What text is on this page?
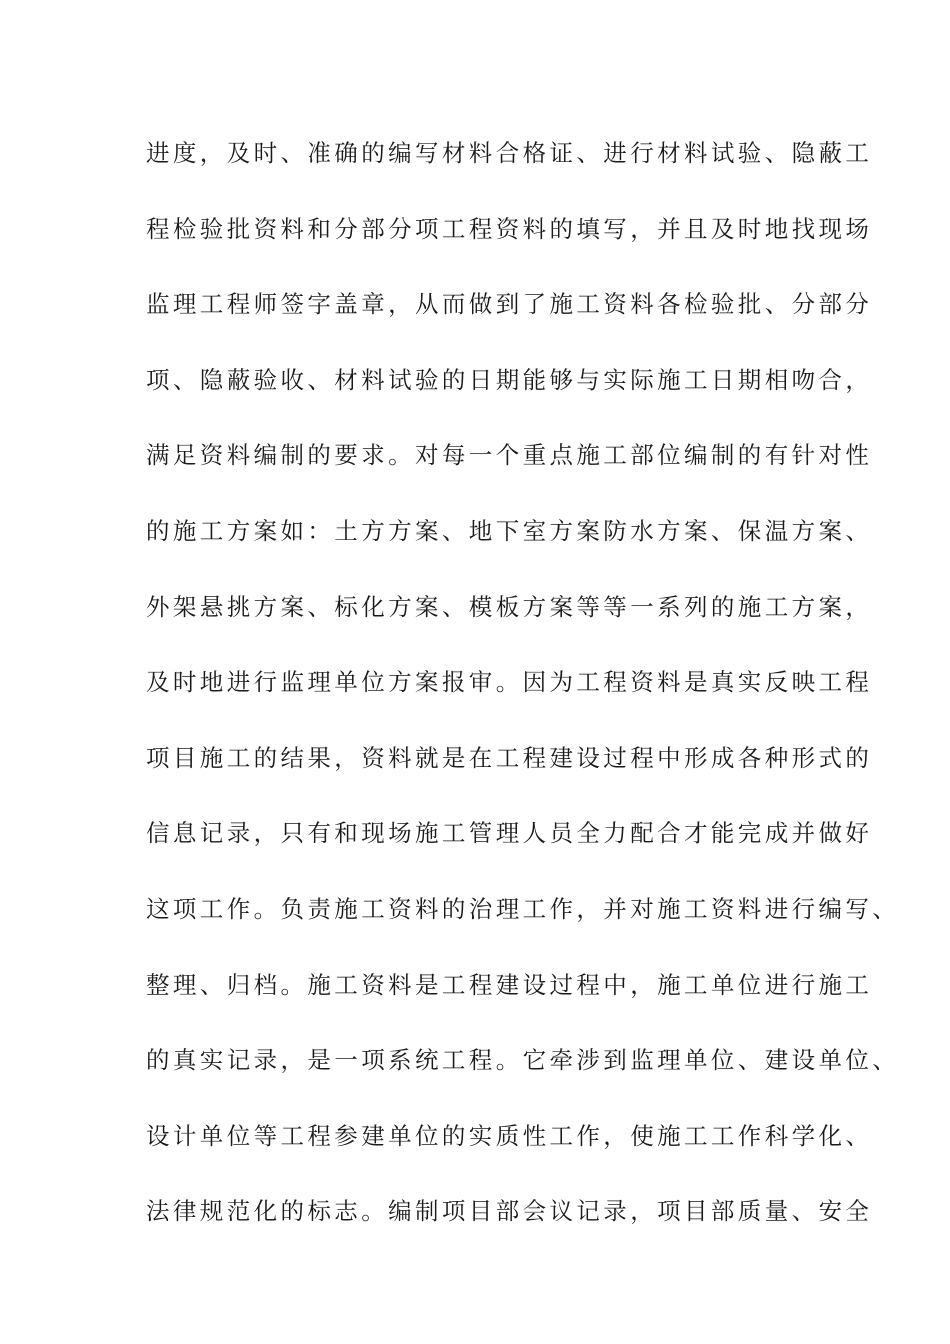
进度，及时、准确的编写材料合格证、进行材料试验、隐蔽工
程检验批资料和分部分项工程资料的填写，并且及时地找现场
监理工程师签字盖章，从而做到了施工资料各检验批、分部分
项、隐蔽验收、材料试验的日期能够与实际施工日期相吻合，
满足资料编制的要求。对每一个重点施工部位编制的有针对性
的施工方案如：土方方案、地下室方案防水方案、保温方案、
外架悬挑方案、标化方案、模板方案等等一系列的施工方案，
及时地进行监理单位方案报审。因为工程资料是真实反映工程
项目施工的结果，资料就是在工程建设过程中形成各种形式的
信息记录，只有和现场施工管理人员全力配合才能完成并做好
这项工作。负责施工资料的治理工作，并对施工资料进行编写、
整理、归档。施工资料是工程建设过程中，施工单位进行施工
的真实记录，是一项系统工程。它牵涉到监理单位、建设单位、
设计单位等工程参建单位的实质性工作，使施工工作科学化、
法律规范化的标志。编制项目部会议记录，项目部质量、安全
